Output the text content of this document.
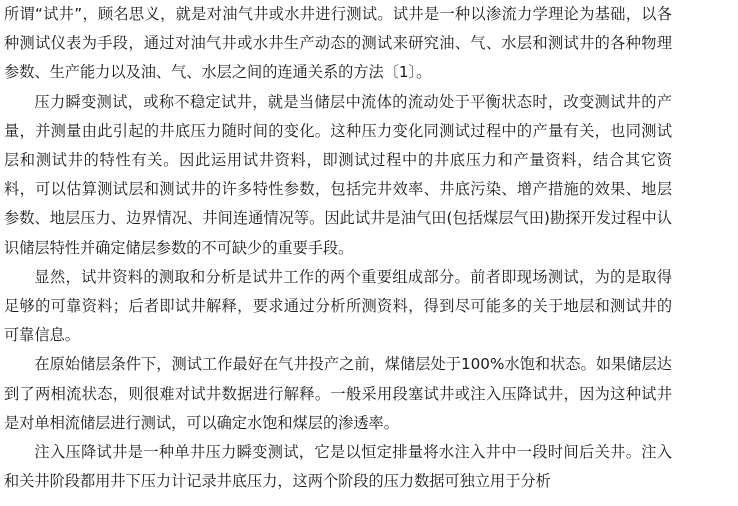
所谓“试井”，顾名思义，就是对油气井或水井进行测试。试井是一种以渗流力学理论为基础，以各种测试仪表为手段，通过对油气井或水井生产动态的测试来研究油、气、水层和测试井的各种物理参数、生产能力以及油、气、水层之间的连通关系的方法〔1〕。

压力瞬变测试，或称不稳定试井，就是当储层中流体的流动处于平衡状态时，改变测试井的产量，并测量由此引起的井底压力随时间的变化。这种压力变化同测试过程中的产量有关，也同测试层和测试井的特性有关。因此运用试井资料，即测试过程中的井底压力和产量资料，结合其它资料，可以估算测试层和测试井的许多特性参数，包括完井效率、井底污染、增产措施的效果、地层参数、地层压力、边界情况、井间连通情况等。因此试井是油气田(包括煤层气田)勘探开发过程中认识储层特性并确定储层参数的不可缺少的重要手段。

显然，试井资料的测取和分析是试井工作的两个重要组成部分。前者即现场测试，为的是取得足够的可靠资料；后者即试井解释，要求通过分析所测资料，得到尽可能多的关于地层和测试井的可靠信息。

在原始储层条件下，测试工作最好在气井投产之前，煤储层处于100%水饱和状态。如果储层达到了两相流状态，则很难对试井数据进行解释。一般采用段塞试井或注入压降试井，因为这种试井是对单相流储层进行测试，可以确定水饱和煤层的渗透率。

注入压降试井是一种单井压力瞬变测试，它是以恒定排量将水注入井中一段时间后关井。注入和关井阶段都用井下压力计记录井底压力，这两个阶段的压力数据可独立用于分析
